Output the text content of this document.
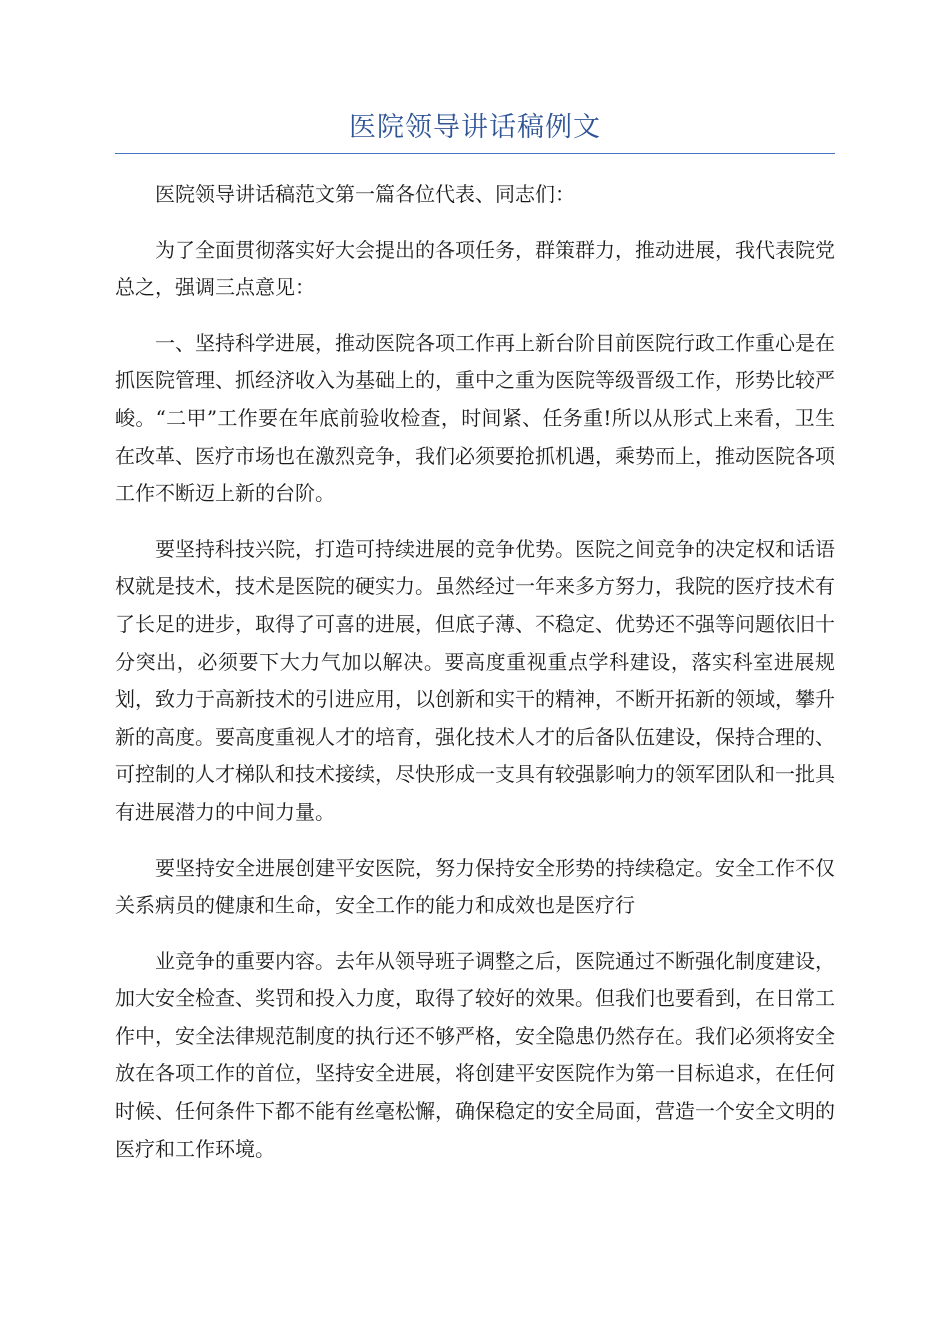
医院领导讲话稿例文

医院领导讲话稿范文第一篇各位代表、同志们：

为了全面贯彻落实好大会提出的各项任务，群策群力，推动进展，我代表院党总之，强调三点意见：

一、坚持科学进展，推动医院各项工作再上新台阶目前医院行政工作重心是在抓医院管理、抓经济收入为基础上的，重中之重为医院等级晋级工作，形势比较严峻。“二甲”工作要在年底前验收检查，时间紧、任务重!所以从形式上来看，卫生在改革、医疗市场也在激烈竞争，我们必须要抢抓机遇，乘势而上，推动医院各项工作不断迈上新的台阶。

要坚持科技兴院，打造可持续进展的竞争优势。医院之间竞争的决定权和话语权就是技术，技术是医院的硬实力。虽然经过一年来多方努力，我院的医疗技术有了长足的进步，取得了可喜的进展，但底子薄、不稳定、优势还不强等问题依旧十分突出，必须要下大力气加以解决。要高度重视重点学科建设，落实科室进展规划，致力于高新技术的引进应用，以创新和实干的精神，不断开拓新的领域，攀升新的高度。要高度重视人才的培育，强化技术人才的后备队伍建设，保持合理的、可控制的人才梯队和技术接续，尽快形成一支具有较强影响力的领军团队和一批具有进展潜力的中间力量。

要坚持安全进展创建平安医院，努力保持安全形势的持续稳定。安全工作不仅关系病员的健康和生命，安全工作的能力和成效也是医疗行

业竞争的重要内容。去年从领导班子调整之后，医院通过不断强化制度建设，加大安全检查、奖罚和投入力度，取得了较好的效果。但我们也要看到，在日常工作中，安全法律规范制度的执行还不够严格，安全隐患仍然存在。我们必须将安全放在各项工作的首位，坚持安全进展，将创建平安医院作为第一目标追求，在任何时候、任何条件下都不能有丝毫松懈，确保稳定的安全局面，营造一个安全文明的医疗和工作环境。
